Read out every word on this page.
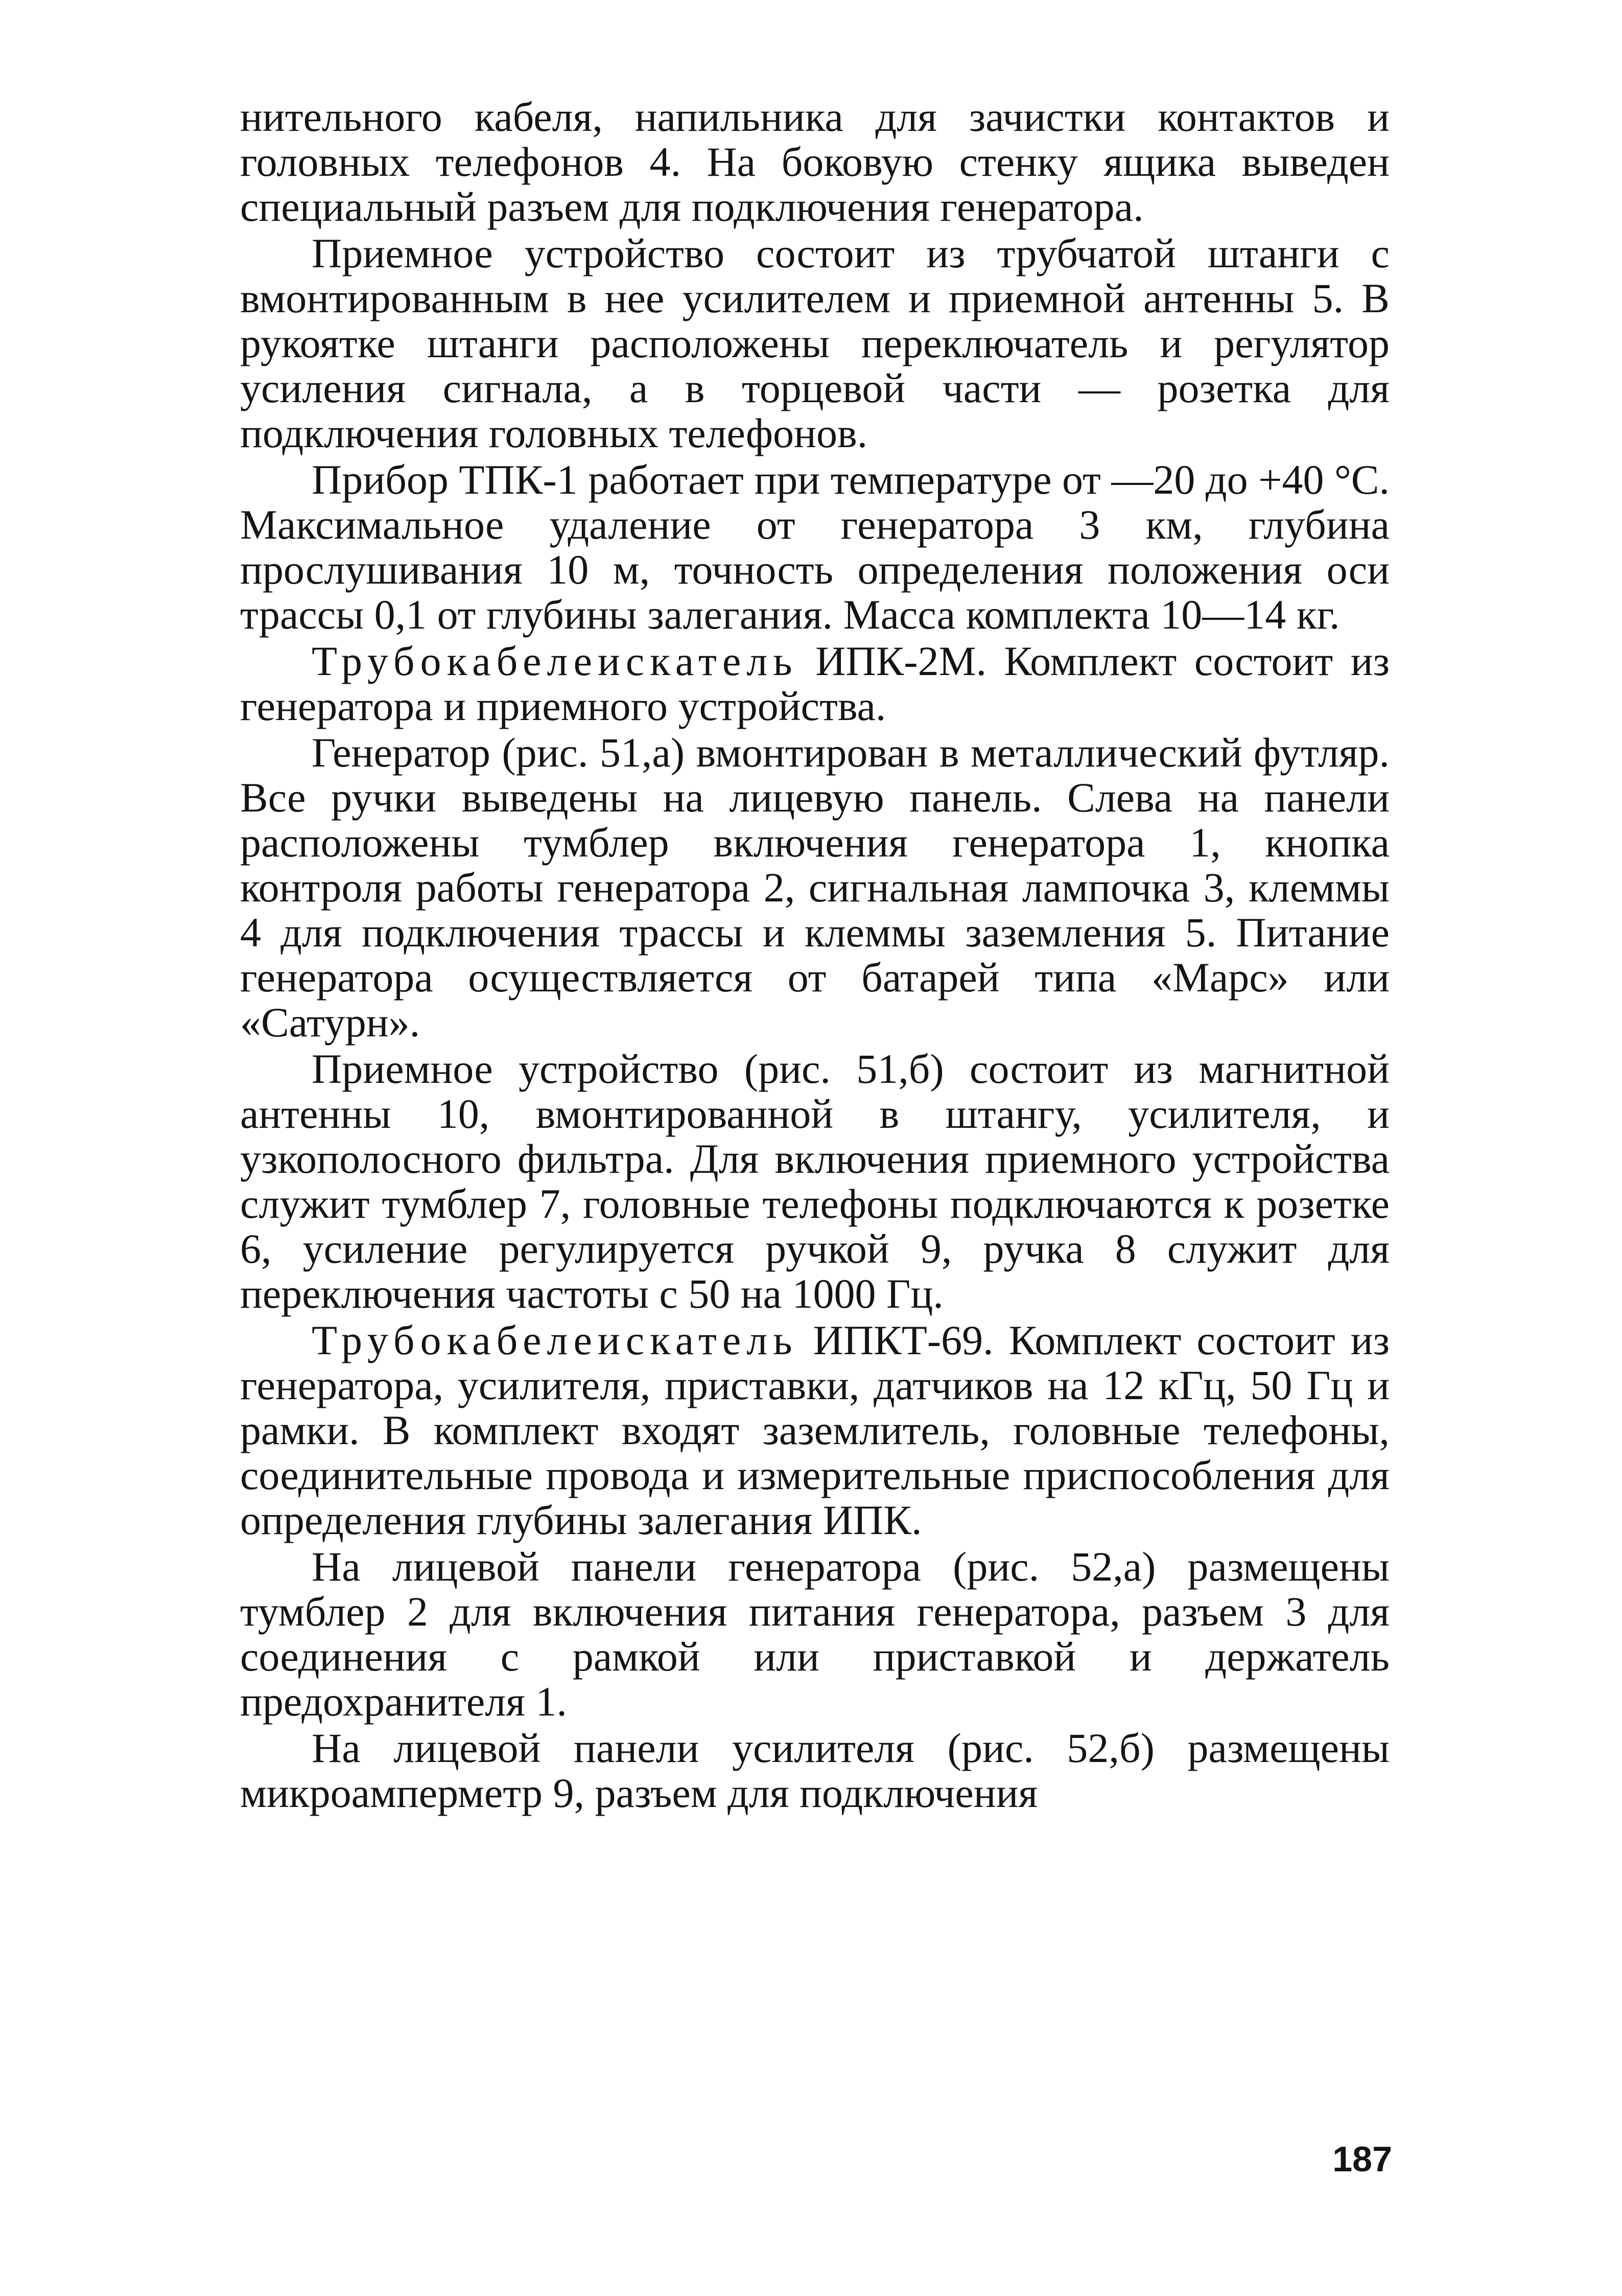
нительного кабеля, напильника для зачистки контактов и головных телефонов 4. На боковую стенку ящика выведен специальный разъем для подключения генератора.

Приемное устройство состоит из трубчатой штанги с вмонтированным в нее усилителем и приемной антенны 5. В рукоятке штанги расположены переключатель и регулятор усиления сигнала, а в торцевой части — розетка для подключения головных телефонов.

Прибор ТПК-1 работает при температуре от —20 до +40 °С. Максимальное удаление от генератора 3 км, глубина прослушивания 10 м, точность определения положения оси трассы 0,1 от глубины залегания. Масса комплекта 10—14 кг.

Трубокабелеискатель ИПК-2М. Комплект состоит из генератора и приемного устройства.

Генератор (рис. 51,а) вмонтирован в металлический футляр. Все ручки выведены на лицевую панель. Слева на панели расположены тумблер включения генератора 1, кнопка контроля работы генератора 2, сигнальная лампочка 3, клеммы 4 для подключения трассы и клеммы заземления 5. Питание генератора осуществляется от батарей типа «Марс» или «Сатурн».

Приемное устройство (рис. 51,б) состоит из магнитной антенны 10, вмонтированной в штангу, усилителя, и узкополосного фильтра. Для включения приемного устройства служит тумблер 7, головные телефоны подключаются к розетке 6, усиление регулируется ручкой 9, ручка 8 служит для переключения частоты с 50 на 1000 Гц.

Трубокабелеискатель ИПКТ-69. Комплект состоит из генератора, усилителя, приставки, датчиков на 12 кГц, 50 Гц и рамки. В комплект входят заземлитель, головные телефоны, соединительные провода и измерительные приспособления для определения глубины залегания ИПК.

На лицевой панели генератора (рис. 52,а) размещены тумблер 2 для включения питания генератора, разъем 3 для соединения с рамкой или приставкой и держатель предохранителя 1.

На лицевой панели усилителя (рис. 52,б) размещены микроамперметр 9, разъем для подключения

187
